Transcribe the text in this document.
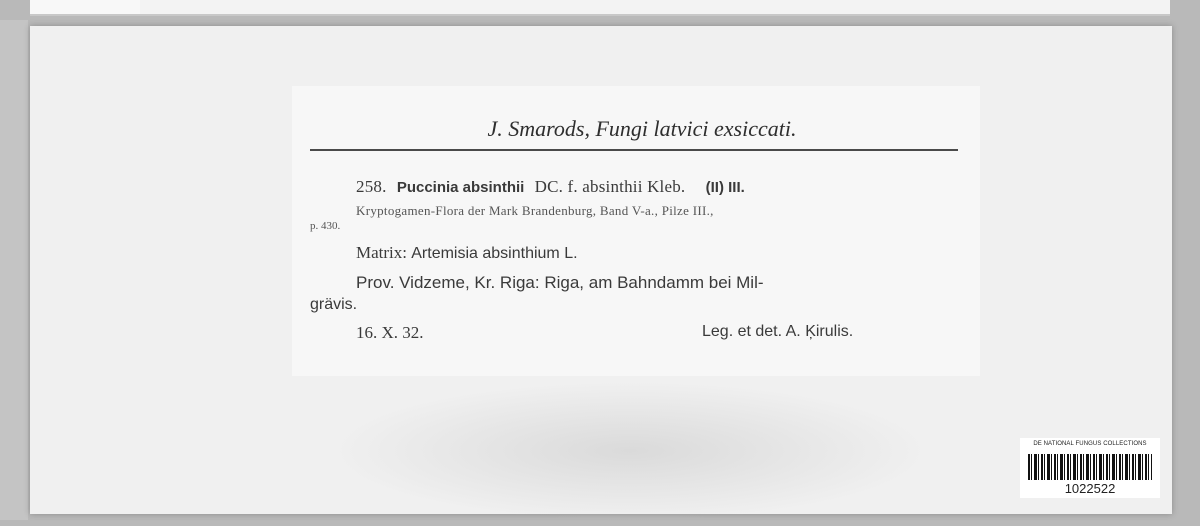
J. Smarods, Fungi latvici exsiccati.
258. Puccinia absinthii DC. f. absinthii Kleb. (II) III.
Kryptogamen-Flora der Mark Brandenburg, Band V-a., Pilze III.,
p. 430.
Matrix: Artemisia absinthium L.
Prov. Vidzeme, Kr. Riga: Riga, am Bahndamm bei Mil-
grävis.
16. X. 32.	Leg. et det. A. Ķirulis.
DE NATIONAL FUNGUS COLLECTIONS
1022522
